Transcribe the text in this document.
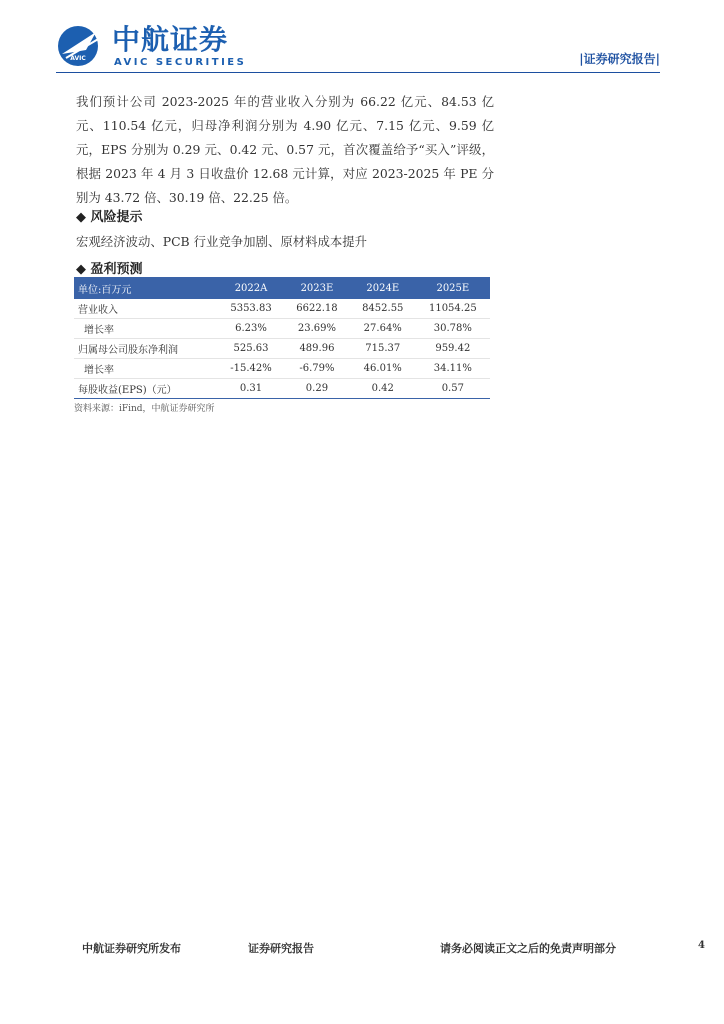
AVIC
中航证券
AVIC SECURITIES	|证券研究报告|
我们预计公司 2023-2025 年的营业收入分别为 66.22 亿元、84.53 亿元、110.54 亿元，归母净利润分别为 4.90 亿元、7.15 亿元、9.59 亿元，EPS 分别为 0.29 元、0.42 元、0.57 元，首次覆盖给予“买入”评级，根据 2023 年 4 月 3 日收盘价 12.68 元计算，对应 2023-2025 年 PE 分别为 43.72 倍、30.19 倍、22.25 倍。
◆ 风险提示
宏观经济波动、PCB 行业竞争加剧、原材料成本提升
◆ 盈利预测
单位:百万元	2022A	2023E	2024E	2025E
营业收入	5353.83	6622.18	8452.55	11054.25
增长率	6.23%	23.69%	27.64%	30.78%
归属母公司股东净利润	525.63	489.96	715.37	959.42
增长率	-15.42%	-6.79%	46.01%	34.11%
每股收益(EPS)（元）	0.31	0.29	0.42	0.57
资料来源：iFind，中航证券研究所
中航证券研究所发布	证券研究报告	请务必阅读正文之后的免责声明部分	4
